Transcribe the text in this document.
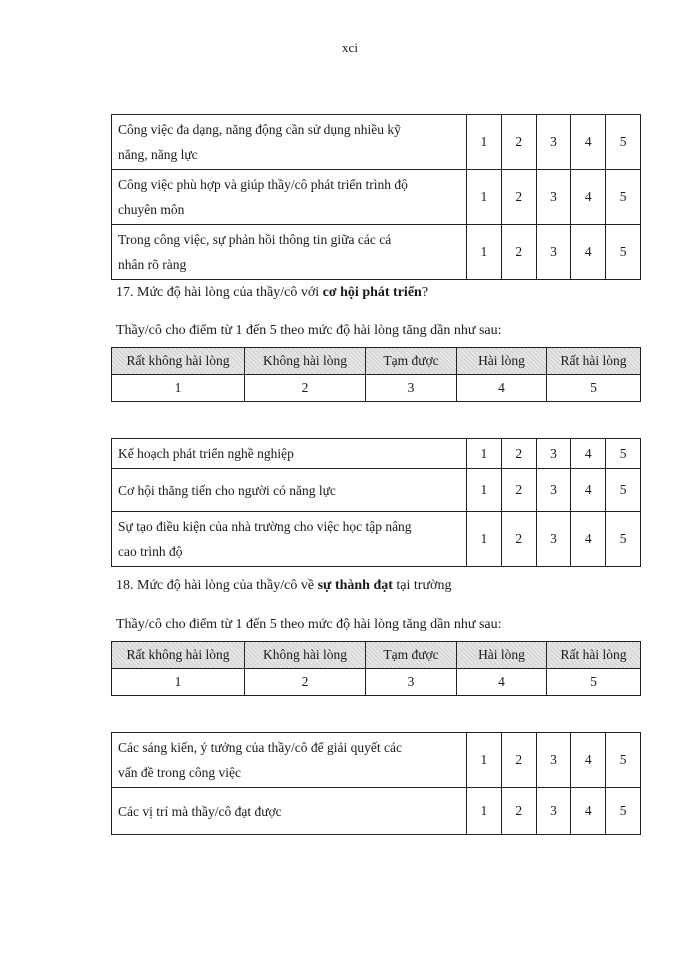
xci
Công việc đa dạng, năng động cần sử dụng nhiều kỹ
năng, năng lực	1	2	3	4	5
Công việc phù hợp và giúp thầy/cô phát triển trình độ
chuyên môn	1	2	3	4	5
Trong công việc, sự phản hồi thông tin giữa các cá
nhân rõ ràng	1	2	3	4	5
17. Mức độ hài lòng của thầy/cô với cơ hội phát triển?
Thầy/cô cho điểm từ 1 đến 5 theo mức độ hài lòng tăng dần như sau:
Rất không hài lòng	Không hài lòng	Tạm được	Hài lòng	Rất hài lòng
1	2	3	4	5
Kế hoạch phát triển nghề nghiệp	1	2	3	4	5
Cơ hội thăng tiến cho người có năng lực	1	2	3	4	5
Sự tạo điều kiện của nhà trường cho việc học tập nâng
cao trình độ	1	2	3	4	5
18. Mức độ hài lòng của thầy/cô về sự thành đạt tại trường
Thầy/cô cho điểm từ 1 đến 5 theo mức độ hài lòng tăng dần như sau:
Rất không hài lòng	Không hài lòng	Tạm được	Hài lòng	Rất hài lòng
1	2	3	4	5
Các sáng kiến, ý tưởng của thầy/cô để giải quyết các
vấn đề trong công việc	1	2	3	4	5
Các vị trí mà thầy/cô đạt được	1	2	3	4	5
